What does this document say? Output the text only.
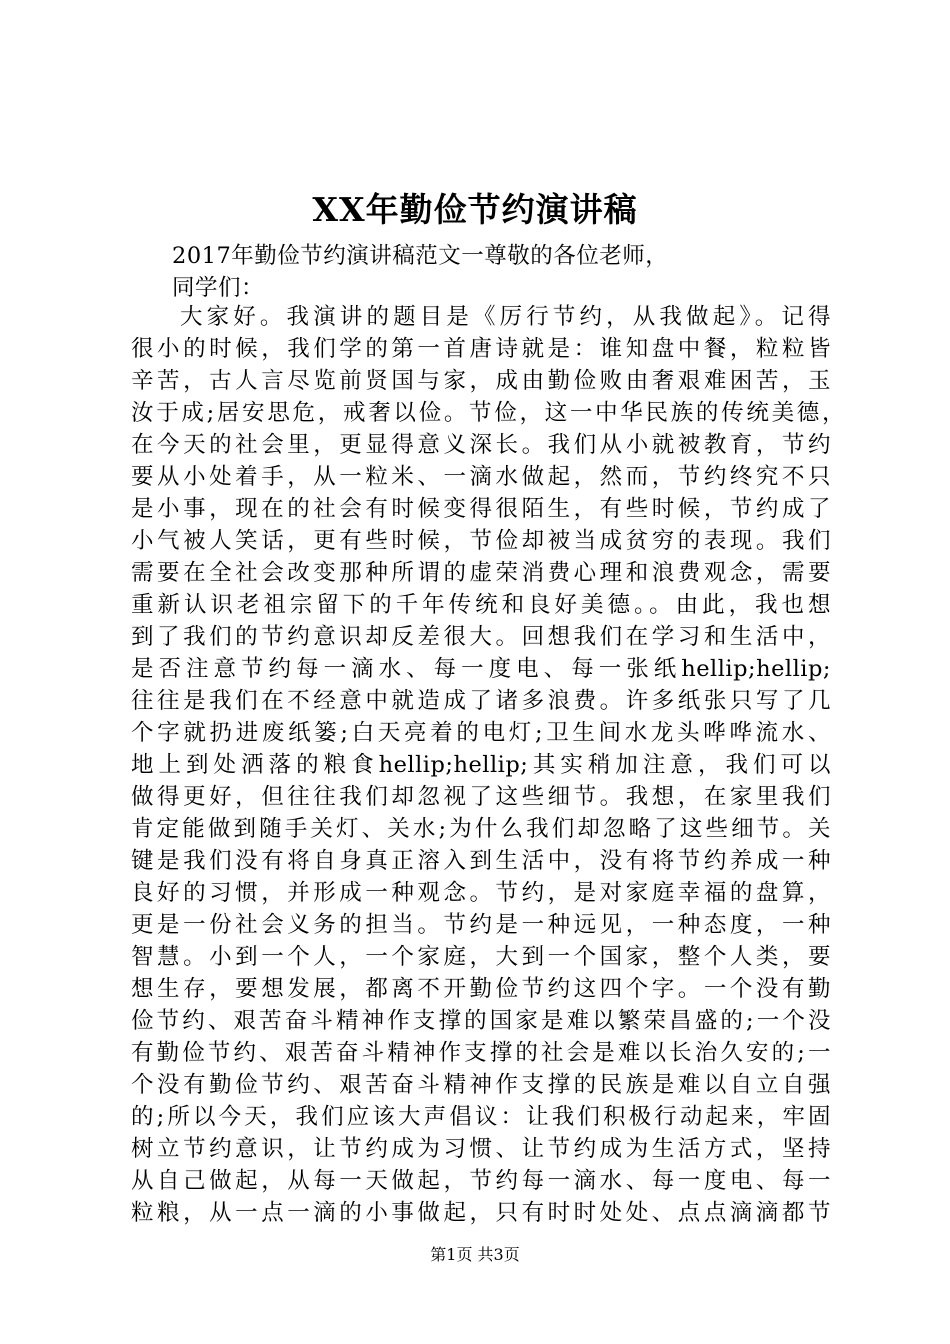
XX年勤俭节约演讲稿
2017年勤俭节约演讲稿范文一尊敬的各位老师，
同学们：
大家好。我演讲的题目是《厉行节约，从我做起》。记得
很小的时候，我们学的第一首唐诗就是：谁知盘中餐，粒粒皆
辛苦，古人言尽览前贤国与家，成由勤俭败由奢艰难困苦，玉
汝于成;居安思危，戒奢以俭。节俭，这一中华民族的传统美德，
在今天的社会里，更显得意义深长。我们从小就被教育，节约
要从小处着手，从一粒米、一滴水做起，然而，节约终究不只
是小事，现在的社会有时候变得很陌生，有些时候，节约成了
小气被人笑话，更有些时候，节俭却被当成贫穷的表现。我们
需要在全社会改变那种所谓的虚荣消费心理和浪费观念，需要
重新认识老祖宗留下的千年传统和良好美德。。由此，我也想
到了我们的节约意识却反差很大。回想我们在学习和生活中，
是否注意节约每一滴水、每一度电、每一张纸hellip;hellip;
往往是我们在不经意中就造成了诸多浪费。许多纸张只写了几
个字就扔进废纸篓;白天亮着的电灯;卫生间水龙头哗哗流水、
地上到处洒落的粮食hellip;hellip;其实稍加注意，我们可以
做得更好，但往往我们却忽视了这些细节。我想，在家里我们
肯定能做到随手关灯、关水;为什么我们却忽略了这些细节。关
键是我们没有将自身真正溶入到生活中，没有将节约养成一种
良好的习惯，并形成一种观念。节约，是对家庭幸福的盘算，
更是一份社会义务的担当。节约是一种远见，一种态度，一种
智慧。小到一个人，一个家庭，大到一个国家，整个人类，要
想生存，要想发展，都离不开勤俭节约这四个字。一个没有勤
俭节约、艰苦奋斗精神作支撑的国家是难以繁荣昌盛的;一个没
有勤俭节约、艰苦奋斗精神作支撑的社会是难以长治久安的;一
个没有勤俭节约、艰苦奋斗精神作支撑的民族是难以自立自强
的;所以今天，我们应该大声倡议：让我们积极行动起来，牢固
树立节约意识，让节约成为习惯、让节约成为生活方式，坚持
从自己做起，从每一天做起，节约每一滴水、每一度电、每一
粒粮，从一点一滴的小事做起，只有时时处处、点点滴滴都节
第1页 共3页
